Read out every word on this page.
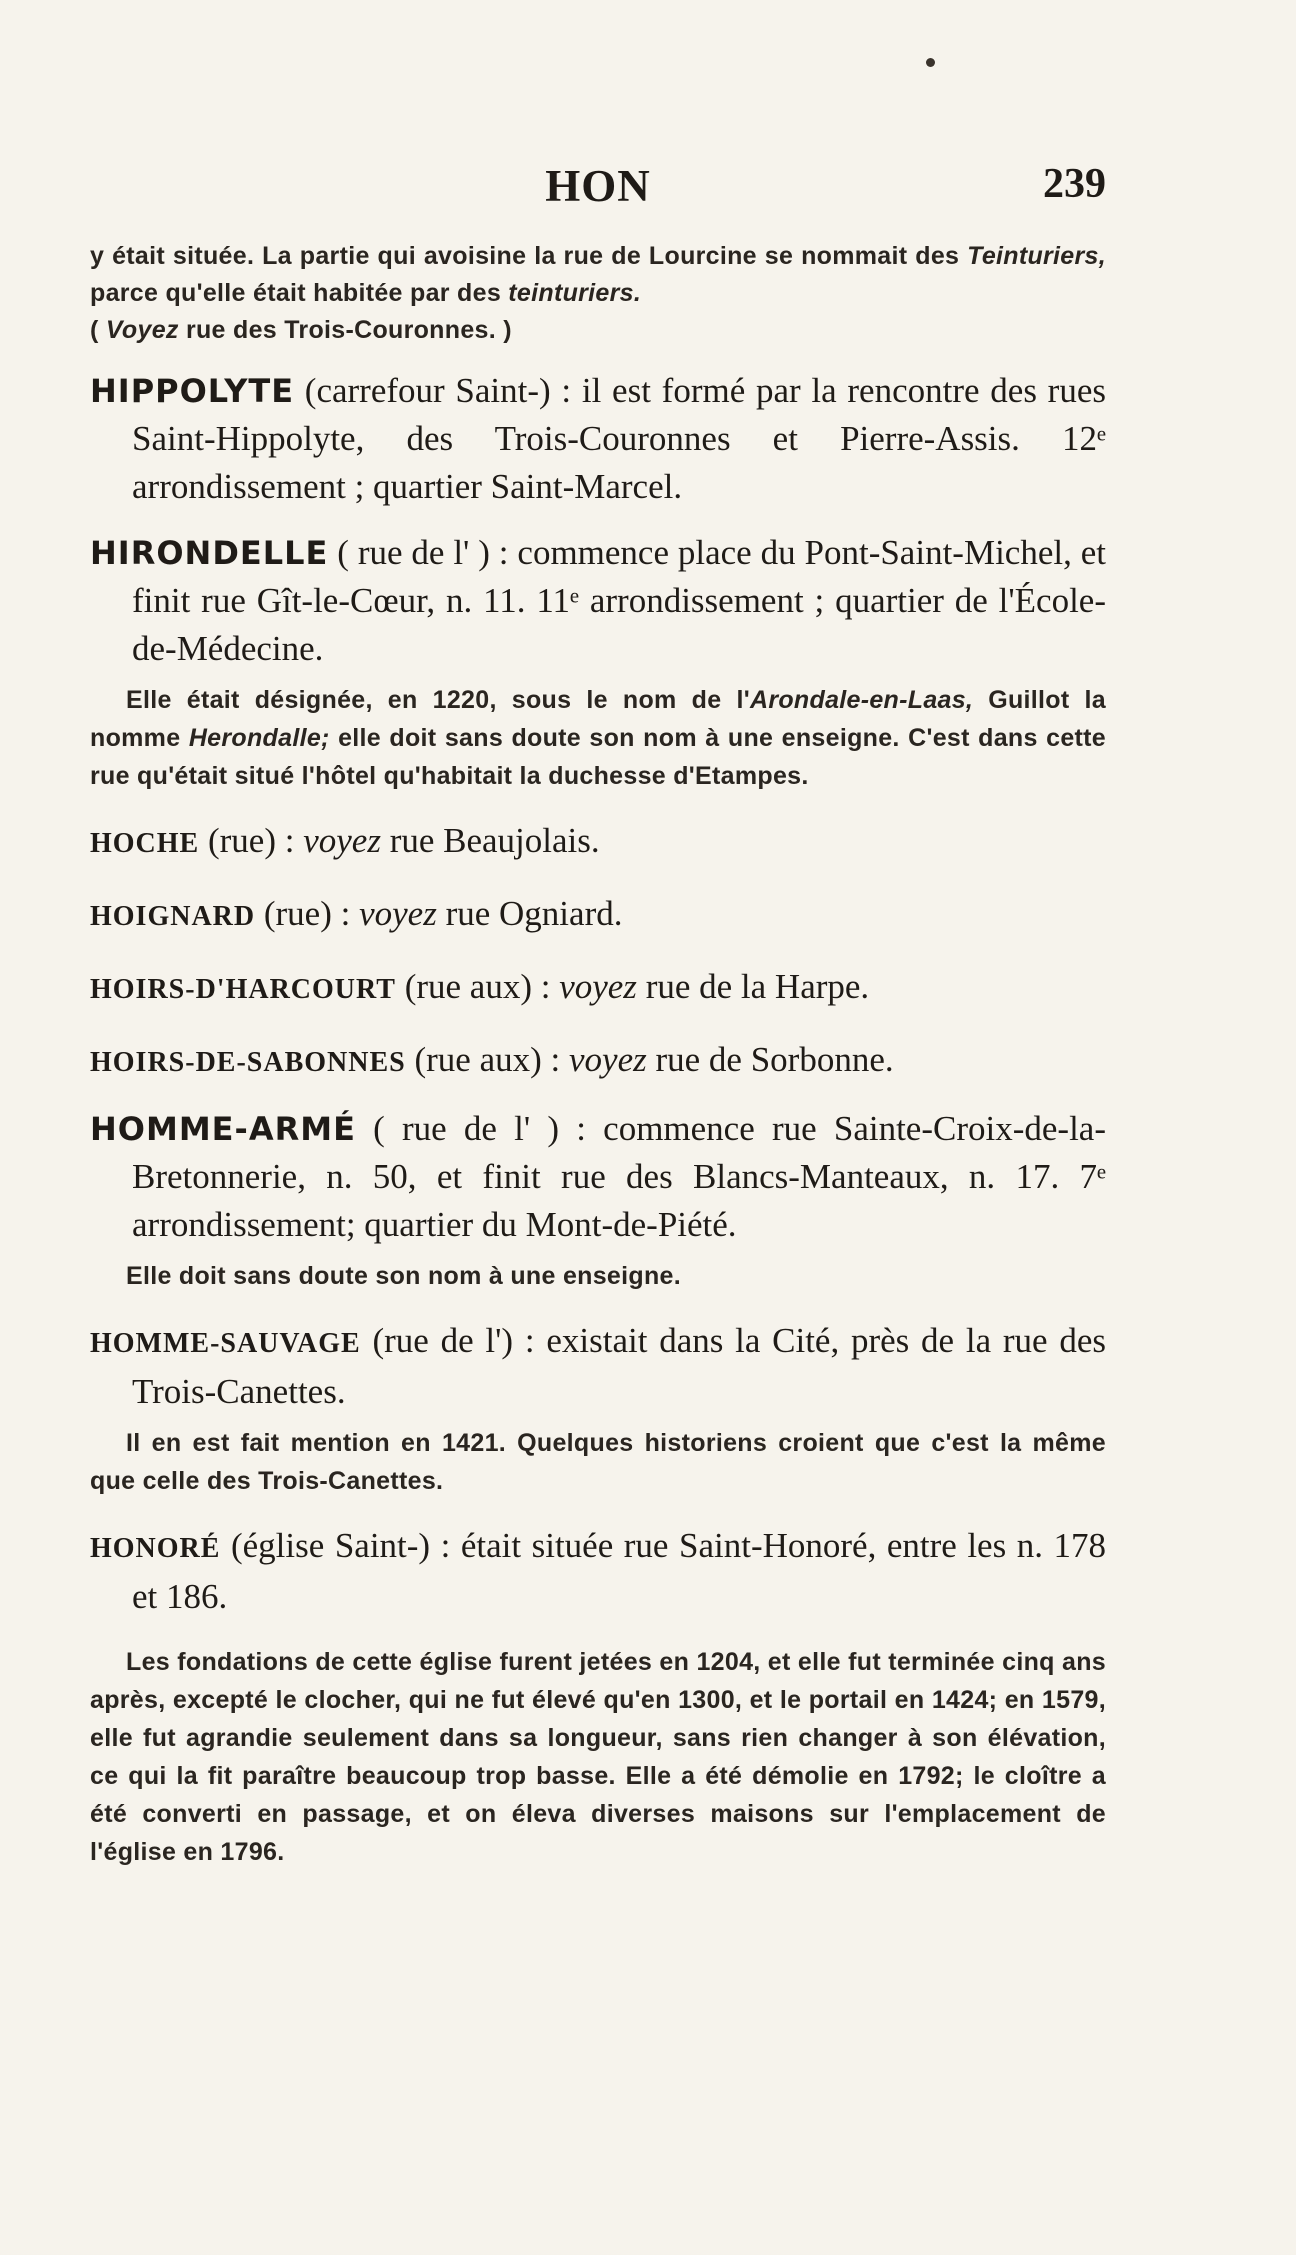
HON	239
y était située. La partie qui avoisine la rue de Lourcine se nommait des Teinturiers, parce qu'elle était habitée par des teinturiers.
( Voyez rue des Trois-Couronnes. )
HIPPOLYTE (carrefour Saint-) : il est formé par la rencontre des rues Saint-Hippolyte, des Trois-Couronnes et Pierre-Assis. 12ᵉ arrondissement ; quartier Saint-Marcel.
HIRONDELLE ( rue de l' ) : commence place du Pont-Saint-Michel, et finit rue Gît-le-Cœur, n. 11. 11ᵉ arrondissement ; quartier de l'École-de-Médecine.
Elle était désignée, en 1220, sous le nom de l'Arondale-en-Laas, Guillot la nomme Herondalle; elle doit sans doute son nom à une enseigne. C'est dans cette rue qu'était situé l'hôtel qu'habitait la duchesse d'Etampes.
HOCHE (rue) : voyez rue Beaujolais.
HOIGNARD (rue) : voyez rue Ogniard.
HOIRS-D'HARCOURT (rue aux) : voyez rue de la Harpe.
HOIRS-DE-SABONNES (rue aux) : voyez rue de Sorbonne.
HOMME-ARMÉ ( rue de l' ) : commence rue Sainte-Croix-de-la-Bretonnerie, n. 50, et finit rue des Blancs-Manteaux, n. 17. 7ᵉ arrondissement; quartier du Mont-de-Piété.
Elle doit sans doute son nom à une enseigne.
HOMME-SAUVAGE (rue de l') : existait dans la Cité, près de la rue des Trois-Canettes.
Il en est fait mention en 1421. Quelques historiens croient que c'est la même que celle des Trois-Canettes.
HONORÉ (église Saint-) : était située rue Saint-Honoré, entre les n. 178 et 186.
Les fondations de cette église furent jetées en 1204, et elle fut terminée cinq ans après, excepté le clocher, qui ne fut élevé qu'en 1300, et le portail en 1424; en 1579, elle fut agrandie seulement dans sa longueur, sans rien changer à son élévation, ce qui la fit paraître beaucoup trop basse. Elle a été démolie en 1792; le cloître a été converti en passage, et on éleva diverses maisons sur l'emplacement de l'église en 1796.
